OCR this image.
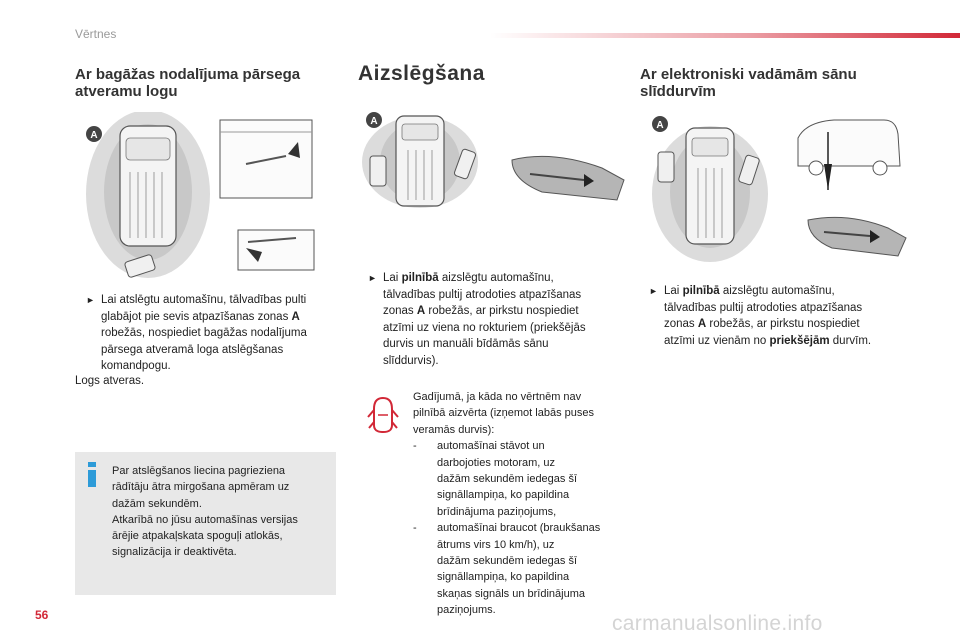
Vērtnes
Ar bagāžas nodalījuma pārsega
atveramu logu
A
► Lai atslēgtu automašīnu, tālvadības pulti
glabājot pie sevis atpazīšanas zonas A
robežās, nospiediet bagāžas nodalījuma
pārsega atveramā loga atslēgšanas
komandpogu.
Logs atveras.
Par atslēgšanos liecina pagrieziena
rādītāju ātra mirgošana apmēram uz
dažām sekundēm.
Atkarībā no jūsu automašīnas versijas
ārējie atpakaļskata spoguļi atlokās,
signalizācija ir deaktivēta.
Aizslēgšana
A
► Lai pilnībā aizslēgtu automašīnu,
tālvadības pultij atrodoties atpazīšanas
zonas A robežās, ar pirkstu nospiediet
atzīmi uz viena no rokturiem (priekšējās
durvis un manuāli bīdāmās sānu
slīddurvis).
Gadījumā, ja kāda no vērtnēm nav
pilnībā aizvērta (izņemot labās puses
veramās durvis):
- automašīnai stāvot un
darbojoties motoram, uz
dažām sekundēm iedegas šī
signāllampiņa, ko papildina
brīdinājuma paziņojums,
- automašīnai braucot (braukšanas
ātrums virs 10 km/h), uz
dažām sekundēm iedegas šī
signāllampiņa, ko papildina
skaņas signāls un brīdinājuma
paziņojums.
Ar elektroniski vadāmām sānu
slīddurvīm
A
► Lai pilnībā aizslēgtu automašīnu,
tālvadības pultij atrodoties atpazīšanas
zonas A robežās, ar pirkstu nospiediet
atzīmi uz vienām no priekšējām durvīm.
56	carmanualsonline.info
